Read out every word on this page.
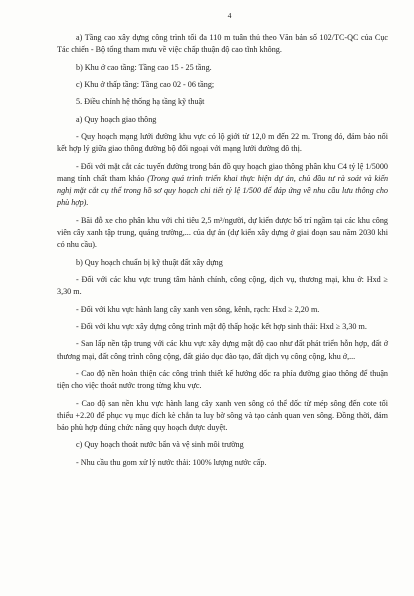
4

a) Tầng cao xây dựng công trình tối đa 110 m tuân thủ theo Văn bản số 102/TC-QC của Cục Tác chiến - Bộ tổng tham mưu về việc chấp thuận độ cao tĩnh không.

b) Khu ở cao tầng: Tầng cao 15 - 25 tầng.

c) Khu ở thấp tầng: Tầng cao 02 - 06 tầng;

5. Điều chỉnh hệ thống hạ tầng kỹ thuật

a) Quy hoạch giao thông

- Quy hoạch mạng lưới đường khu vực có lộ giới từ 12,0 m đến 22 m. Trong đó, đảm bảo nối kết hợp lý giữa giao thông đường bộ đối ngoại với mạng lưới đường đô thị.

- Đối với mặt cắt các tuyến đường trong bản đồ quy hoạch giao thông phân khu C4 tỷ lệ 1/5000 mang tính chất tham khảo (Trong quá trình triển khai thực hiện dự án, chủ đầu tư rà soát và kiến nghị mặt cắt cụ thể trong hồ sơ quy hoạch chi tiết tỷ lệ 1/500 để đáp ứng về nhu cầu lưu thông cho phù hợp).

- Bãi đỗ xe cho phân khu với chỉ tiêu 2,5 m²/người, dự kiến được bố trí ngầm tại các khu công viên cây xanh tập trung, quảng trường,... của dự án (dự kiến xây dựng ở giai đoạn sau năm 2030 khi có nhu cầu).

b) Quy hoạch chuẩn bị kỹ thuật đất xây dựng

- Đối với các khu vực trung tâm hành chính, công cộng, dịch vụ, thương mại, khu ở: Hxd ≥ 3,30 m.

- Đối với khu vực hành lang cây xanh ven sông, kênh, rạch: Hxd ≥ 2,20 m.

- Đối với khu vực xây dựng công trình mật độ thấp hoặc kết hợp sinh thái: Hxd ≥ 3,30 m.

- San lấp nền tập trung với các khu vực xây dựng mật độ cao như đất phát triển hỗn hợp, đất ở thương mại, đất công trình công cộng, đất giáo dục đào tạo, đất dịch vụ công cộng, khu ở,...

- Cao độ nền hoàn thiện các công trình thiết kế hướng dốc ra phía đường giao thông để thuận tiện cho việc thoát nước trong từng khu vực.

- Cao độ san nền khu vực hành lang cây xanh ven sông có thể dốc từ mép sông đến cote tối thiểu +2.20 để phục vụ mục đích kè chắn ta luy bờ sông và tạo cảnh quan ven sông. Đồng thời, đảm bảo phù hợp đúng chức năng quy hoạch được duyệt.

c) Quy hoạch thoát nước bẩn và vệ sinh môi trường

- Nhu cầu thu gom xử lý nước thải: 100% lượng nước cấp.
